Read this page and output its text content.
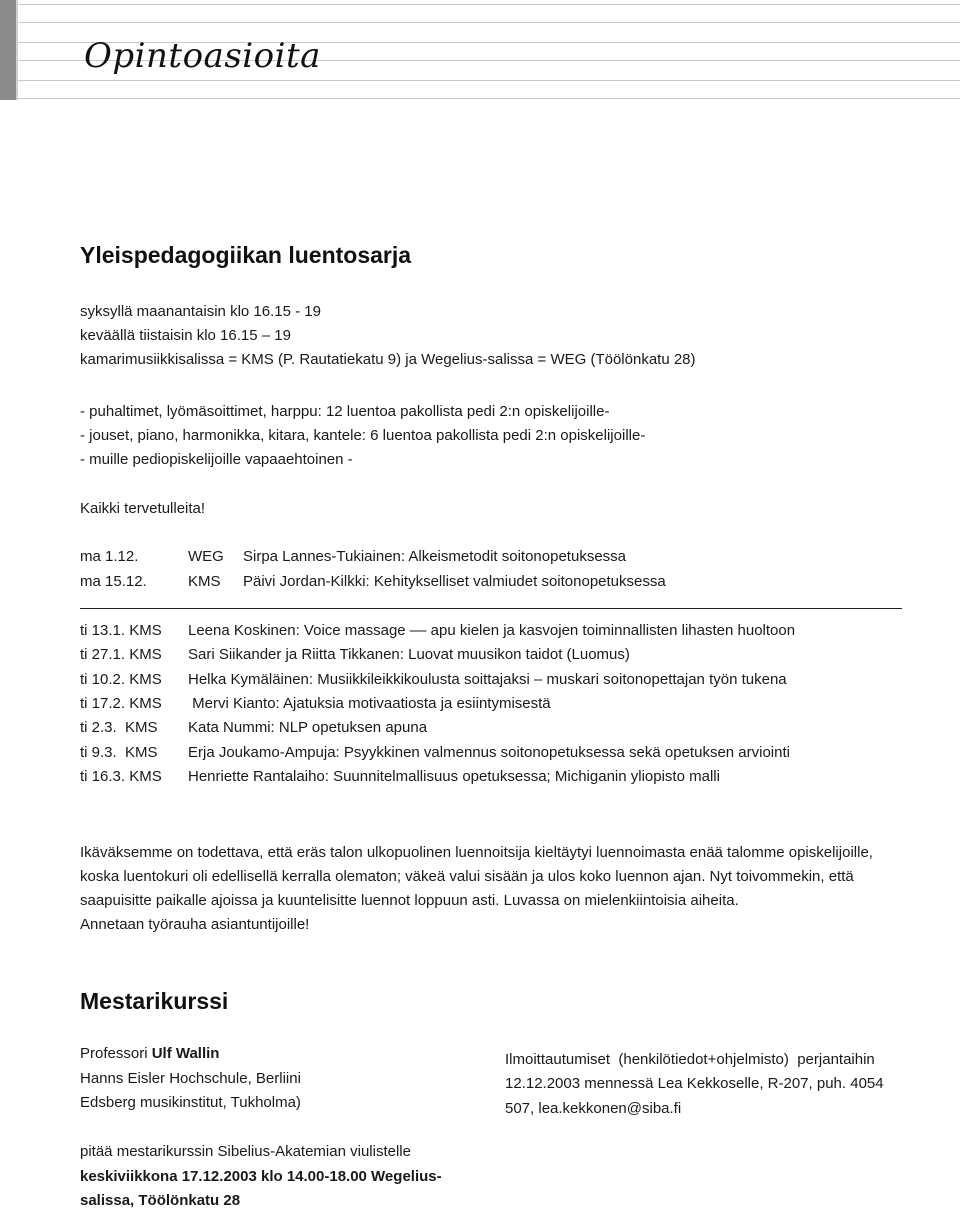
Opintoasioita
Yleispedagogiikan luentosarja
syksyllä maanantaisin klo 16.15 - 19
keväällä tiistaisin klo 16.15 – 19
kamarimusiikkisalissa = KMS (P. Rautatiekatu 9) ja Wegelius-salissa = WEG (Töölönkatu 28)
- puhaltimet, lyömäsoittimet, harppu: 12 luentoa pakollista pedi 2:n opiskelijoille-
- jouset, piano, harmonikka, kitara, kantele: 6 luentoa pakollista pedi 2:n opiskelijoille-
- muille pediopiskelijoille vapaaehtoinen -
Kaikki tervetulleita!
ma 1.12.	WEG Sirpa Lannes-Tukiainen: Alkeismetodit soitonopetuksessa
ma 15.12.	KMS Päivi Jordan-Kilkki: Kehitykselliset valmiudet soitonopetuksessa
ti 13.1. KMS Leena Koskinen: Voice massage –– apu kielen ja kasvojen toiminnallisten lihasten huoltoon
ti 27.1. KMS Sari Siikander ja Riitta Tikkanen: Luovat muusikon taidot (Luomus)
ti 10.2. KMS Helka Kymäläinen: Musiikkileikkikoulusta soittajaksi – muskari soitonopettajan työn tukena
ti 17.2. KMS Mervi Kianto: Ajatuksia motivaatiosta ja esiintymisestä
ti 2.3.  KMS Kata Nummi: NLP opetuksen apuna
ti 9.3.  KMS Erja Joukamo-Ampuja: Psyykkinen valmennus soitonopetuksessa sekä opetuksen arviointi
ti 16.3. KMS Henriette Rantalaiho: Suunnitelmallisuus opetuksessa; Michiganin yliopisto malli
Ikäväksemme on todettava, että eräs talon ulkopuolinen luennoitsija kieltäytyi luennoimasta enää talomme opiskelijoille,
koska luentokuri oli edellisellä kerralla olematon; väkeä valui sisään ja ulos koko luennon ajan. Nyt toivommekin, että
saapuisitte paikalle ajoissa ja kuuntelisitte luennot loppuun asti. Luvassa on mielenkiintoisia aiheita.
Annetaan työrauha asiantuntijoille!
Mestarikurssi
Professori Ulf Wallin
Hanns Eisler Hochschule, Berliini
Edsberg musikinstitut, Tukholma)
Ilmoittautumiset  (henkilötiedot+ohjelmisto)  perjantaihin
12.12.2003 mennessä Lea Kekkoselle, R-207, puh. 4054
507, lea.kekkonen@siba.fi
pitää mestarikurssin Sibelius-Akatemian viulistelle
keskiviikkona 17.12.2003 klo 14.00-18.00 Wegelius-
salissa, Töölönkatu 28
